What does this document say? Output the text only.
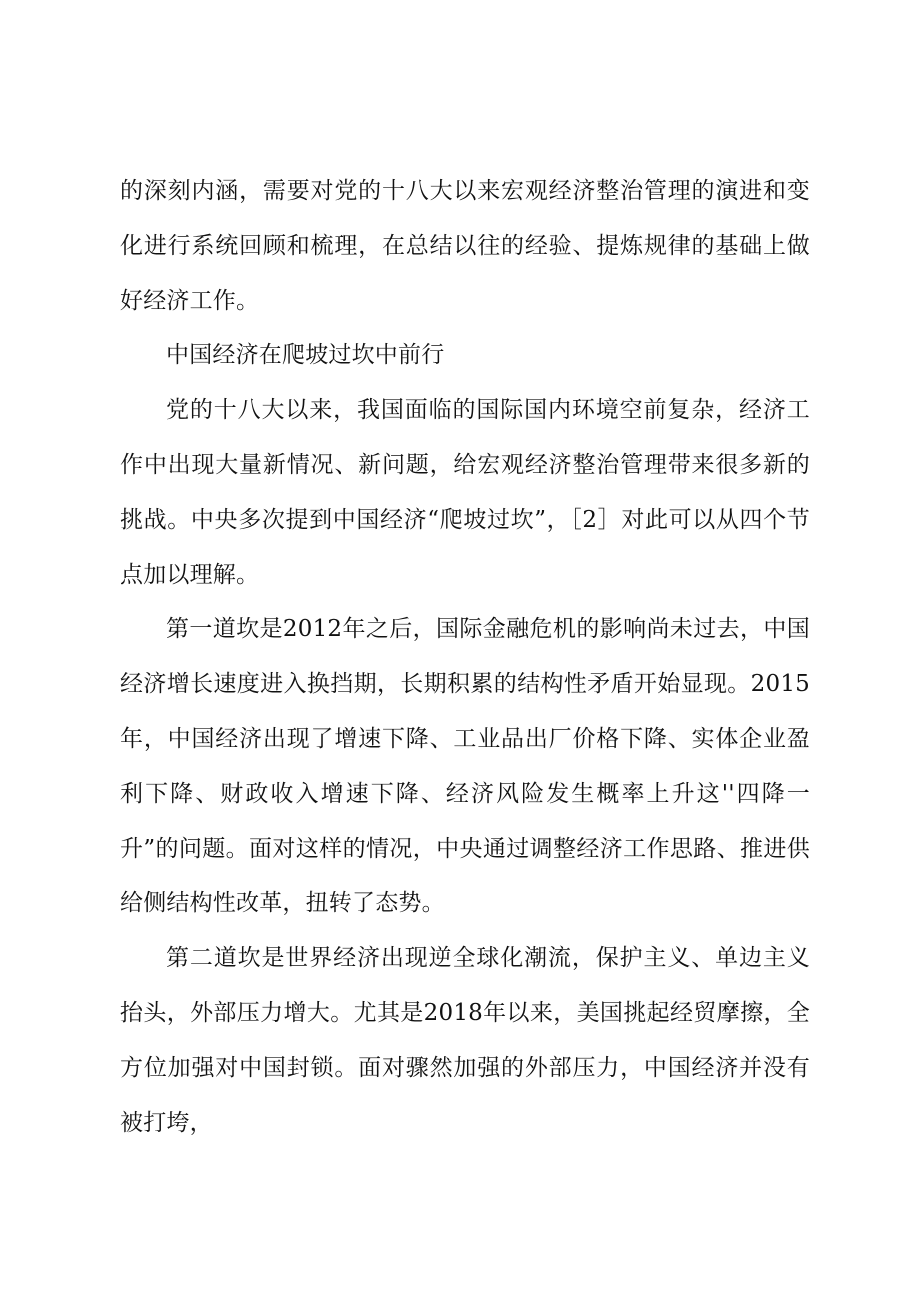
的深刻内涵，需要对党的十八大以来宏观经济整治管理的演进和变化进行系统回顾和梳理，在总结以往的经验、提炼规律的基础上做好经济工作。

中国经济在爬坡过坎中前行

党的十八大以来，我国面临的国际国内环境空前复杂，经济工作中出现大量新情况、新问题，给宏观经济整治管理带来很多新的挑战。中央多次提到中国经济“爬坡过坎”，［2］对此可以从四个节点加以理解。

第一道坎是2012年之后，国际金融危机的影响尚未过去，中国经济增长速度进入换挡期，长期积累的结构性矛盾开始显现。2015年，中国经济出现了增速下降、工业品出厂价格下降、实体企业盈利下降、财政收入增速下降、经济风险发生概率上升这''四降一升”的问题。面对这样的情况，中央通过调整经济工作思路、推进供给侧结构性改革，扭转了态势。

第二道坎是世界经济出现逆全球化潮流，保护主义、单边主义抬头，外部压力增大。尤其是2018年以来，美国挑起经贸摩擦，全方位加强对中国封锁。面对骤然加强的外部压力，中国经济并没有被打垮，
